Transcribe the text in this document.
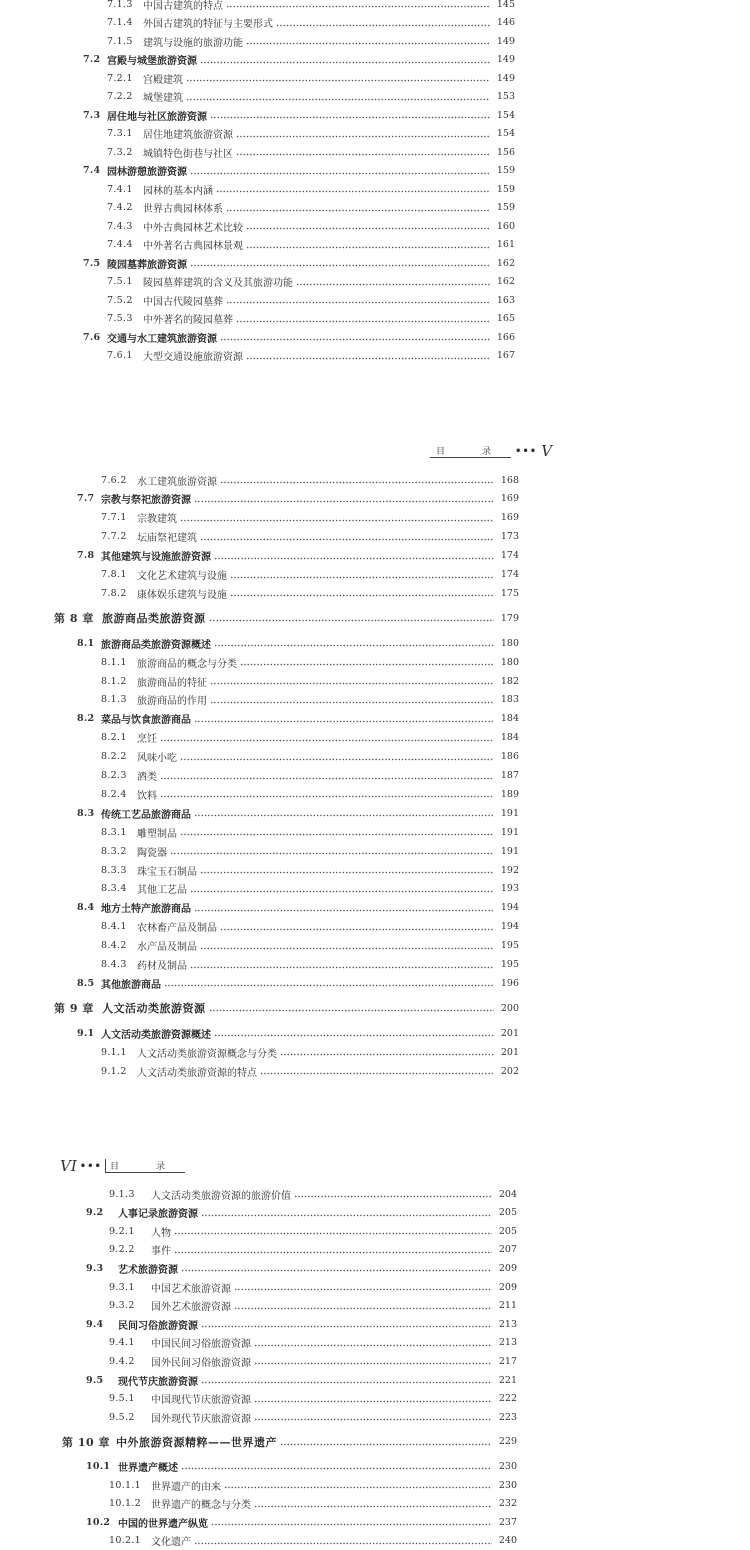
7.1.3	中国古建筑的特点	145
7.1.4	外国古建筑的特征与主要形式	146
7.1.5	建筑与设施的旅游功能	149
7.2 宫殿与城堡旅游资源	149
7.2.1	宫殿建筑	149
7.2.2	城堡建筑	153
7.3 居住地与社区旅游资源	154
7.3.1	居住地建筑旅游资源	154
7.3.2	城镇特色街巷与社区	156
7.4 园林游憩旅游资源	159
7.4.1	园林的基本内涵	159
7.4.2	世界古典园林体系	159
7.4.3	中外古典园林艺术比较	160
7.4.4	中外著名古典园林景观	161
7.5 陵园墓葬旅游资源	162
7.5.1	陵园墓葬建筑的含义及其旅游功能	162
7.5.2	中国古代陵园墓葬	163
7.5.3	中外著名的陵园墓葬	165
7.6 交通与水工建筑旅游资源	166
7.6.1	大型交通设施旅游资源	167
目　录	••• V
7.6.2	水工建筑旅游资源	168
7.7 宗教与祭祀旅游资源	169
7.7.1	宗教建筑	169
7.7.2	坛庙祭祀建筑	173
7.8 其他建筑与设施旅游资源	174
7.8.1	文化艺术建筑与设施	174
7.8.2	康体娱乐建筑与设施	175
第 8 章 旅游商品类旅游资源	179
8.1 旅游商品类旅游资源概述	180
8.1.1	旅游商品的概念与分类	180
8.1.2	旅游商品的特征	182
8.1.3	旅游商品的作用	183
8.2 菜品与饮食旅游商品	184
8.2.1	烹饪	184
8.2.2	风味小吃	186
8.2.3	酒类	187
8.2.4	饮料	189
8.3 传统工艺品旅游商品	191
8.3.1	雕塑制品	191
8.3.2	陶瓷器	191
8.3.3	珠宝玉石制品	192
8.3.4	其他工艺品	193
8.4 地方土特产旅游商品	194
8.4.1	农林畜产品及制品	194
8.4.2	水产品及制品	195
8.4.3	药材及制品	195
8.5 其他旅游商品	196
第 9 章 人文活动类旅游资源	200
9.1 人文活动类旅游资源概述	201
9.1.1	人文活动类旅游资源概念与分类	201
9.1.2	人文活动类旅游资源的特点	202
VI ••• 目　录
9.1.3	人文活动类旅游资源的旅游价值	204
9.2	人事记录旅游资源	205
9.2.1	人物	205
9.2.2	事件	207
9.3	艺术旅游资源	209
9.3.1	中国艺术旅游资源	209
9.3.2	国外艺术旅游资源	211
9.4	民间习俗旅游资源	213
9.4.1	中国民间习俗旅游资源	213
9.4.2	国外民间习俗旅游资源	217
9.5	现代节庆旅游资源	221
9.5.1	中国现代节庆旅游资源	222
9.5.2	国外现代节庆旅游资源	223
第 10 章 中外旅游资源精粹——世界遗产	229
10.1 世界遗产概述	230
10.1.1 世界遗产的由来	230
10.1.2 世界遗产的概念与分类	232
10.2 中国的世界遗产纵览	237
10.2.1 文化遗产	240
